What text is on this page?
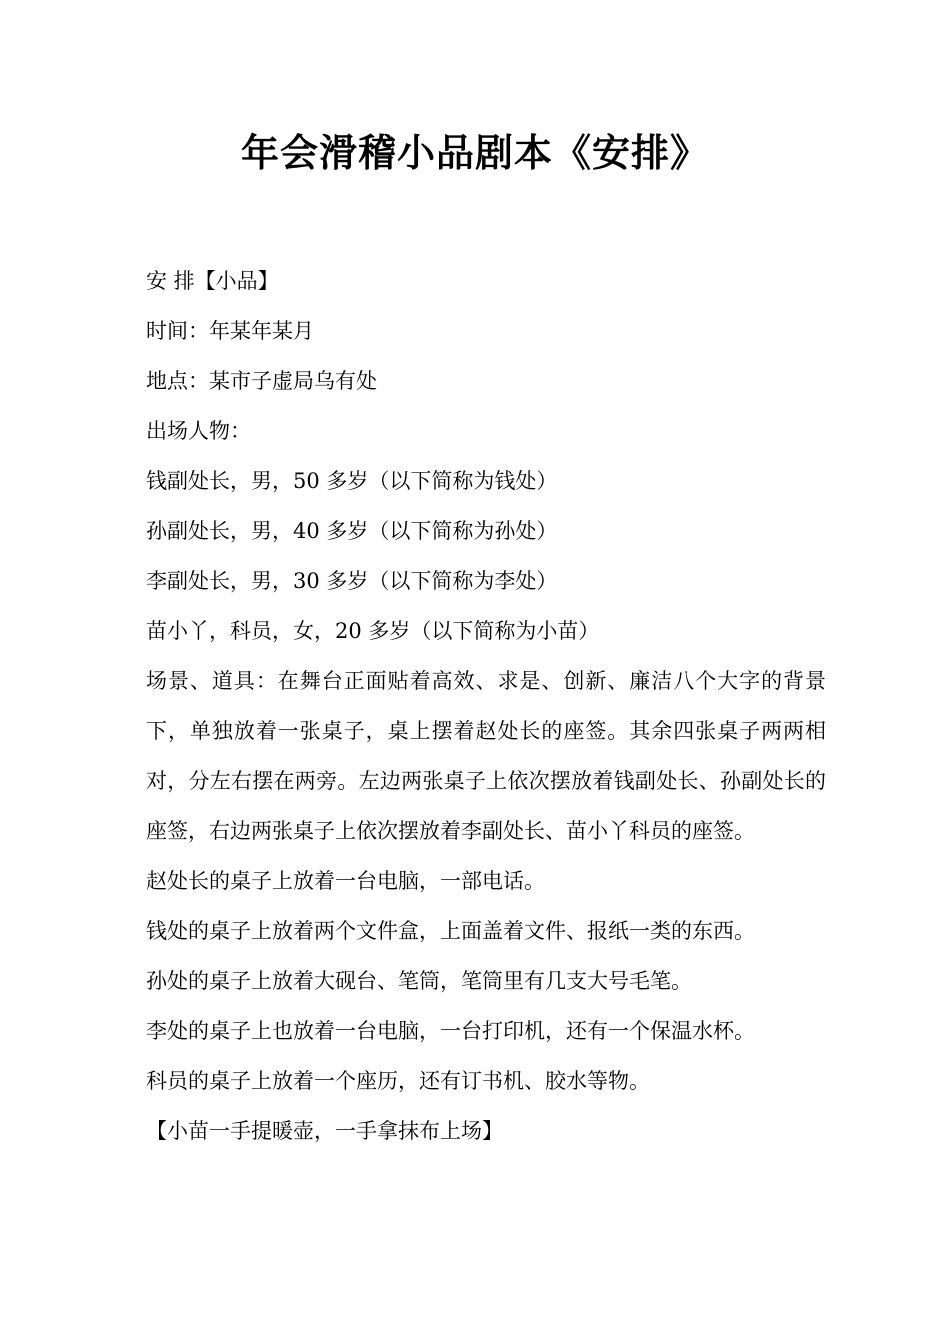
年会滑稽小品剧本《安排》

安 排【小品】

时间：年某年某月

地点：某市子虚局乌有处

出场人物：

钱副处长，男，50 多岁（以下简称为钱处）

孙副处长，男，40 多岁（以下简称为孙处）

李副处长，男，30 多岁（以下简称为李处）

苗小丫，科员，女，20 多岁（以下简称为小苗）

场景、道具：在舞台正面贴着高效、求是、创新、廉洁八个大字的背景下，单独放着一张桌子，桌上摆着赵处长的座签。其余四张桌子两两相对，分左右摆在两旁。左边两张桌子上依次摆放着钱副处长、孙副处长的座签，右边两张桌子上依次摆放着李副处长、苗小丫科员的座签。

赵处长的桌子上放着一台电脑，一部电话。

钱处的桌子上放着两个文件盒，上面盖着文件、报纸一类的东西。

孙处的桌子上放着大砚台、笔筒，笔筒里有几支大号毛笔。

李处的桌子上也放着一台电脑，一台打印机，还有一个保温水杯。

科员的桌子上放着一个座历，还有订书机、胶水等物。

【小苗一手提暖壶，一手拿抹布上场】
